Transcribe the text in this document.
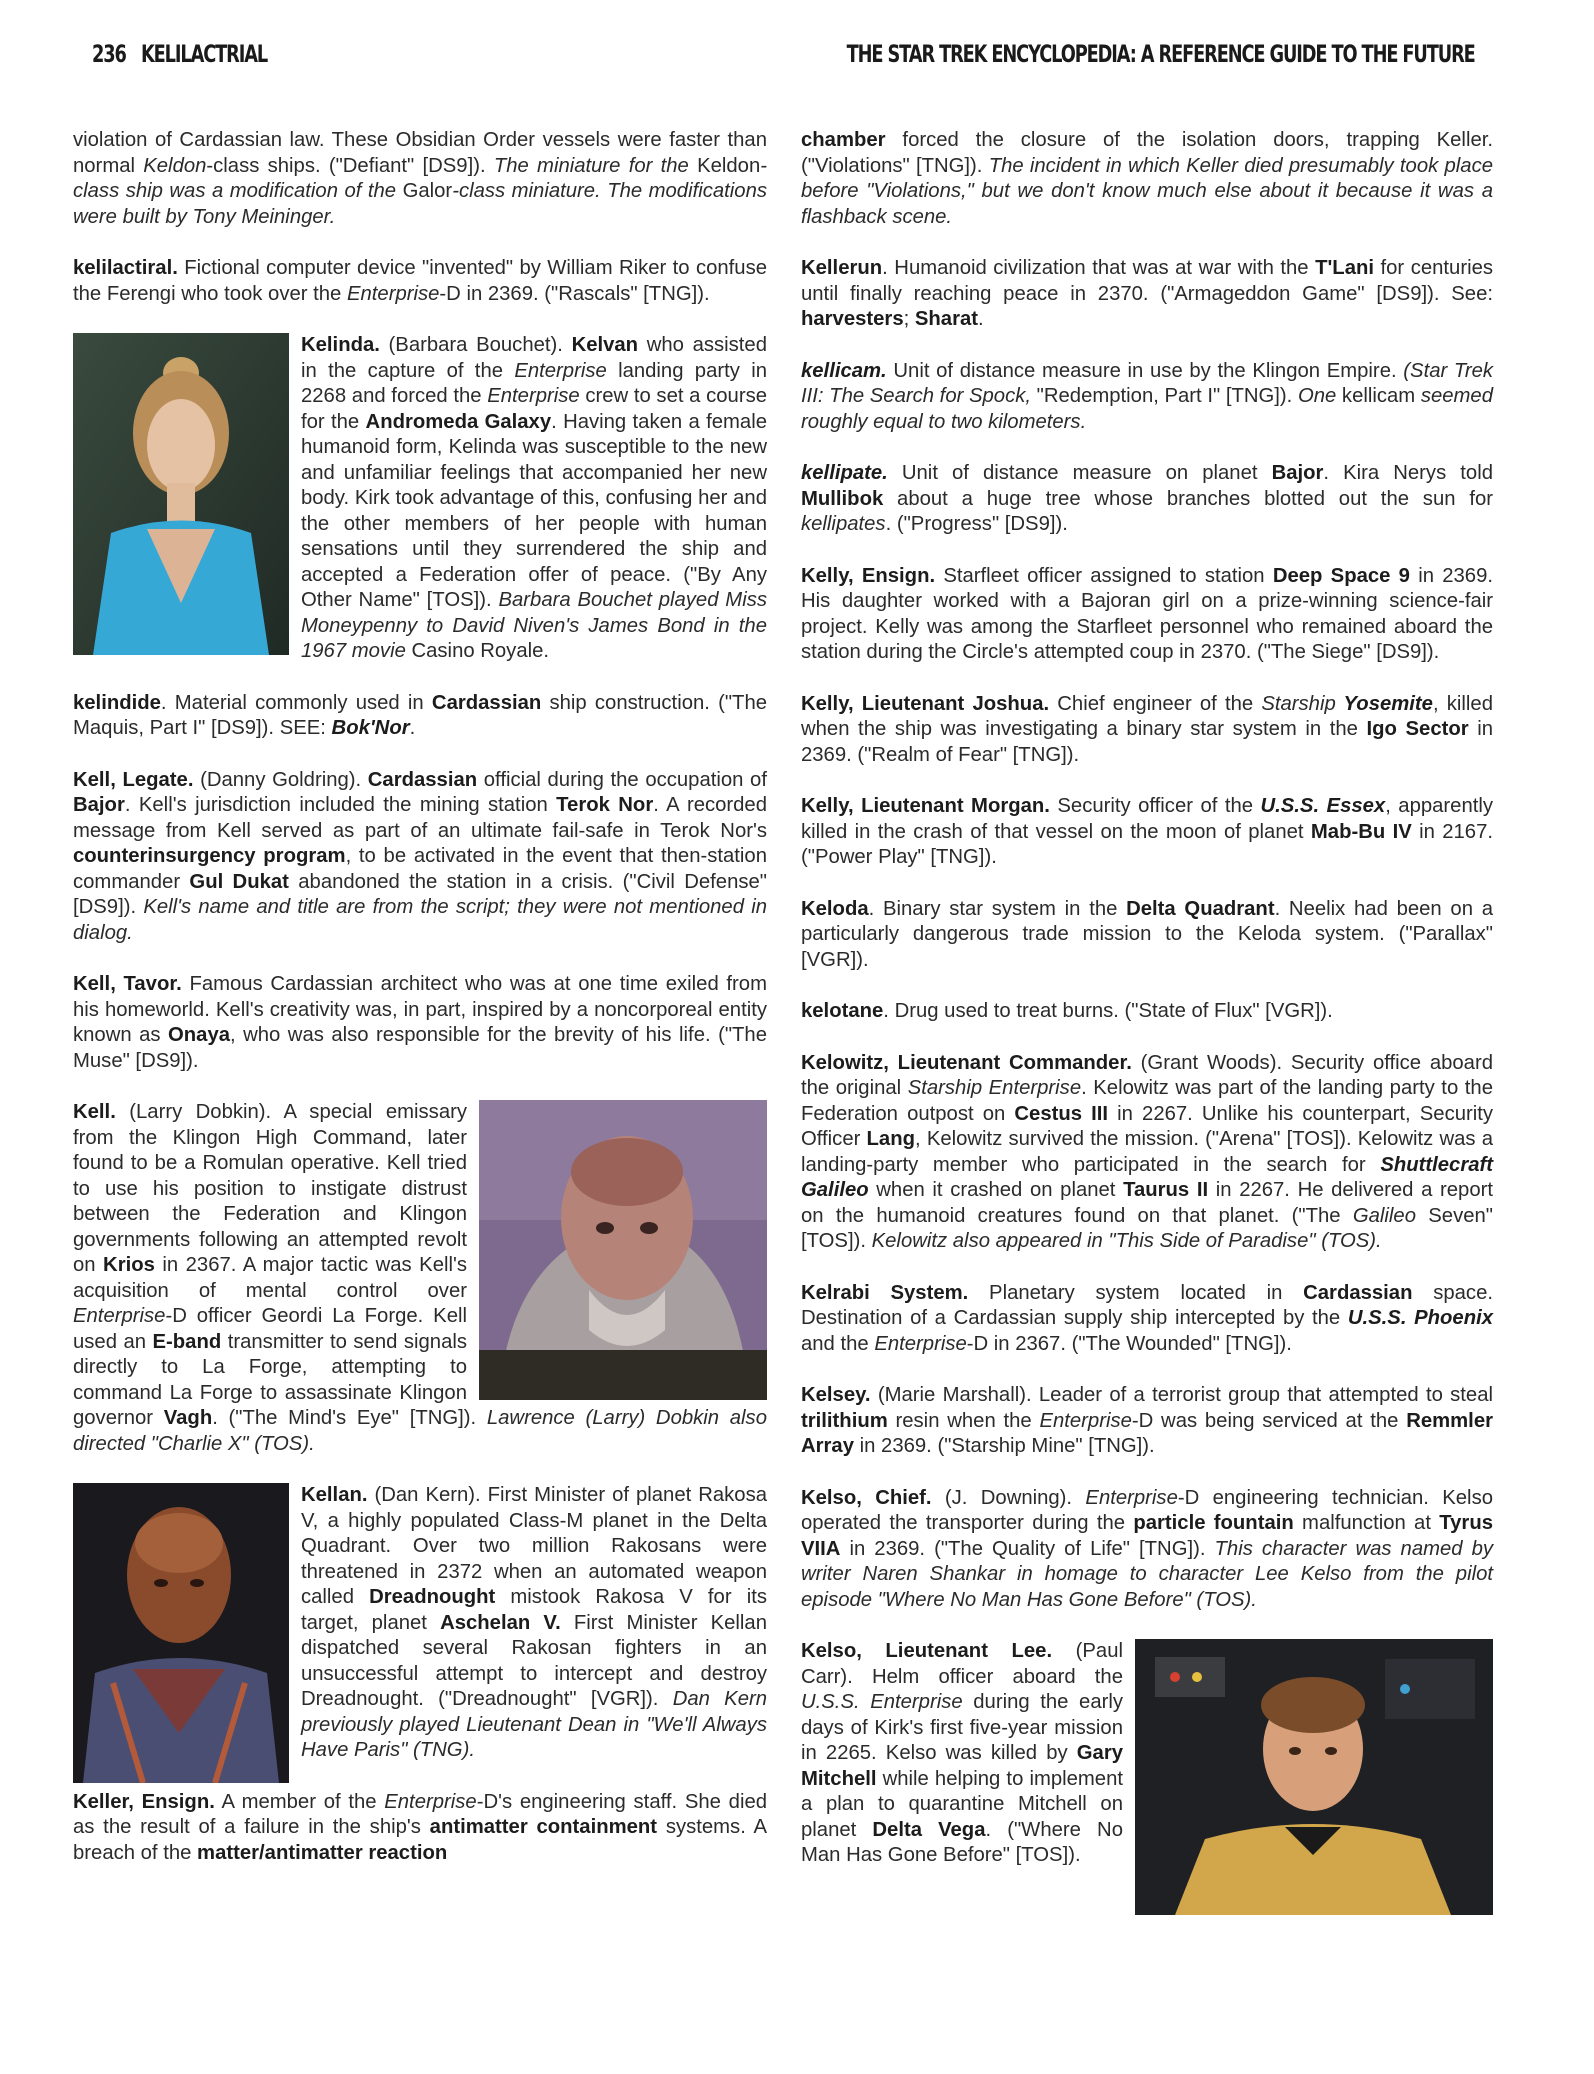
236 KELILACTRIAL	THE STAR TREK ENCYCLOPEDIA: A REFERENCE GUIDE TO THE FUTURE

violation of Cardassian law. These Obsidian Order vessels were faster than normal Keldon-class ships. ("Defiant" [DS9]). The miniature for the Keldon-class ship was a modification of the Galor-class miniature. The modifications were built by Tony Meininger.

kelilactiral. Fictional computer device "invented" by William Riker to confuse the Ferengi who took over the Enterprise-D in 2369. ("Rascals" [TNG]).

Kelinda. (Barbara Bouchet). Kelvan who assisted in the capture of the Enterprise landing party in 2268 and forced the Enterprise crew to set a course for the Andromeda Galaxy. Having taken a female humanoid form, Kelinda was susceptible to the new and unfamiliar feelings that accompanied her new body. Kirk took advantage of this, confusing her and the other members of her people with human sensations until they surrendered the ship and accepted a Federation offer of peace. ("By Any Other Name" [TOS]). Barbara Bouchet played Miss Moneypenny to David Niven's James Bond in the 1967 movie Casino Royale.

kelindide. Material commonly used in Cardassian ship construction. ("The Maquis, Part I" [DS9]). SEE: Bok'Nor.

Kell, Legate. (Danny Goldring). Cardassian official during the occupation of Bajor. Kell's jurisdiction included the mining station Terok Nor. A recorded message from Kell served as part of an ultimate fail-safe in Terok Nor's counterinsurgency program, to be activated in the event that then-station commander Gul Dukat abandoned the station in a crisis. ("Civil Defense" [DS9]). Kell's name and title are from the script; they were not mentioned in dialog.

Kell, Tavor. Famous Cardassian architect who was at one time exiled from his homeworld. Kell's creativity was, in part, inspired by a noncorporeal entity known as Onaya, who was also responsible for the brevity of his life. ("The Muse" [DS9]).

Kell. (Larry Dobkin). A special emissary from the Klingon High Command, later found to be a Romulan operative. Kell tried to use his position to instigate distrust between the Federation and Klingon governments following an attempted revolt on Krios in 2367. A major tactic was Kell's acquisition of mental control over Enterprise-D officer Geordi La Forge. Kell used an E-band transmitter to send signals directly to La Forge, attempting to command La Forge to assassinate Klingon governor Vagh. ("The Mind's Eye" [TNG]). Lawrence (Larry) Dobkin also directed "Charlie X" (TOS).
Kellan. (Dan Kern). First Minister of planet Rakosa V, a highly populated Class-M planet in the Delta Quadrant. Over two million Rakosans were threatened in 2372 when an automated weapon called Dreadnought mistook Rakosa V for its target, planet Aschelan V. First Minister Kellan dispatched several Rakosan fighters in an unsuccessful attempt to intercept and destroy Dreadnought. ("Dreadnought" [VGR]). Dan Kern previously played Lieutenant Dean in "We'll Always Have Paris" (TNG).

Keller, Ensign. A member of the Enterprise-D's engineering staff. She died as the result of a failure in the ship's antimatter containment systems. A breach of the matter/antimatter reaction

chamber forced the closure of the isolation doors, trapping Keller. ("Violations" [TNG]). The incident in which Keller died presumably took place before "Violations," but we don't know much else about it because it was a flashback scene.

Kellerun. Humanoid civilization that was at war with the T'Lani for centuries until finally reaching peace in 2370. ("Armageddon Game" [DS9]). See: harvesters; Sharat.

kellicam. Unit of distance measure in use by the Klingon Empire. (Star Trek III: The Search for Spock, "Redemption, Part I" [TNG]). One kellicam seemed roughly equal to two kilometers.

kellipate. Unit of distance measure on planet Bajor. Kira Nerys told Mullibok about a huge tree whose branches blotted out the sun for kellipates. ("Progress" [DS9]).

Kelly, Ensign. Starfleet officer assigned to station Deep Space 9 in 2369. His daughter worked with a Bajoran girl on a prize-winning science-fair project. Kelly was among the Starfleet personnel who remained aboard the station during the Circle's attempted coup in 2370. ("The Siege" [DS9]).

Kelly, Lieutenant Joshua. Chief engineer of the Starship Yosemite, killed when the ship was investigating a binary star system in the Igo Sector in 2369. ("Realm of Fear" [TNG]).

Kelly, Lieutenant Morgan. Security officer of the U.S.S. Essex, apparently killed in the crash of that vessel on the moon of planet Mab-Bu IV in 2167. ("Power Play" [TNG]).

Keloda. Binary star system in the Delta Quadrant. Neelix had been on a particularly dangerous trade mission to the Keloda system. ("Parallax" [VGR]).

kelotane. Drug used to treat burns. ("State of Flux" [VGR]).

Kelowitz, Lieutenant Commander. (Grant Woods). Security office aboard the original Starship Enterprise. Kelowitz was part of the landing party to the Federation outpost on Cestus III in 2267. Unlike his counterpart, Security Officer Lang, Kelowitz survived the mission. ("Arena" [TOS]). Kelowitz was a landing-party member who participated in the search for Shuttlecraft Galileo when it crashed on planet Taurus II in 2267. He delivered a report on the humanoid creatures found on that planet. ("The Galileo Seven" [TOS]). Kelowitz also appeared in "This Side of Paradise" (TOS).

Kelrabi System. Planetary system located in Cardassian space. Destination of a Cardassian supply ship intercepted by the U.S.S. Phoenix and the Enterprise-D in 2367. ("The Wounded" [TNG]).

Kelsey. (Marie Marshall). Leader of a terrorist group that attempted to steal trilithium resin when the Enterprise-D was being serviced at the Remmler Array in 2369. ("Starship Mine" [TNG]).

Kelso, Chief. (J. Downing). Enterprise-D engineering technician. Kelso operated the transporter during the particle fountain malfunction at Tyrus VIIA in 2369. ("The Quality of Life" [TNG]). This character was named by writer Naren Shankar in homage to character Lee Kelso from the pilot episode "Where No Man Has Gone Before" (TOS).

Kelso, Lieutenant Lee. (Paul Carr). Helm officer aboard the U.S.S. Enterprise during the early days of Kirk's first five-year mission in 2265. Kelso was killed by Gary Mitchell while helping to implement a plan to quarantine Mitchell on planet Delta Vega. ("Where No Man Has Gone Before" [TOS]).
